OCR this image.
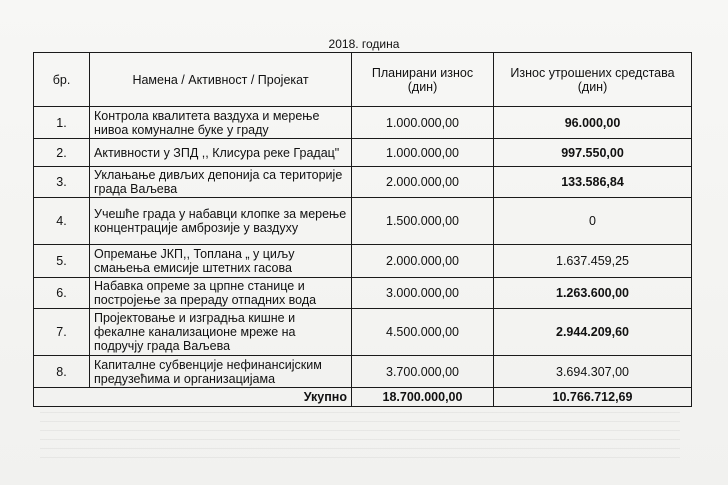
2018. година
бр.	Намена / Активност / Пројекат	Планирани износ (дин)	Износ утрошених средстава (дин)
1.	Контрола квалитета ваздуха и мерење нивоа комуналне буке у граду	1.000.000,00	96.000,00
2.	Активности у ЗПД ,, Клисура реке Градац"	1.000.000,00	997.550,00
3.	Уклањање дивљих депонија са територије града Ваљева	2.000.000,00	133.586,84
4.	Учешће града у набавци клопке за мерење концентрације амброзије у ваздуху	1.500.000,00	0
5.	Опремање ЈКП,, Топлана „ у циљу смањења емисије штетних гасова	2.000.000,00	1.637.459,25
6.	Набавка опреме за црпне станице и постројење за прераду отпадних вода	3.000.000,00	1.263.600,00
7.	Пројектовање и изградња кишне и фекалне канализационе мреже на подручју града Ваљева	4.500.000,00	2.944.209,60
8.	Капиталне субвенције нефинансијским предузећима и организацијама	3.700.000,00	3.694.307,00
Укупно		18.700.000,00	10.766.712,69
